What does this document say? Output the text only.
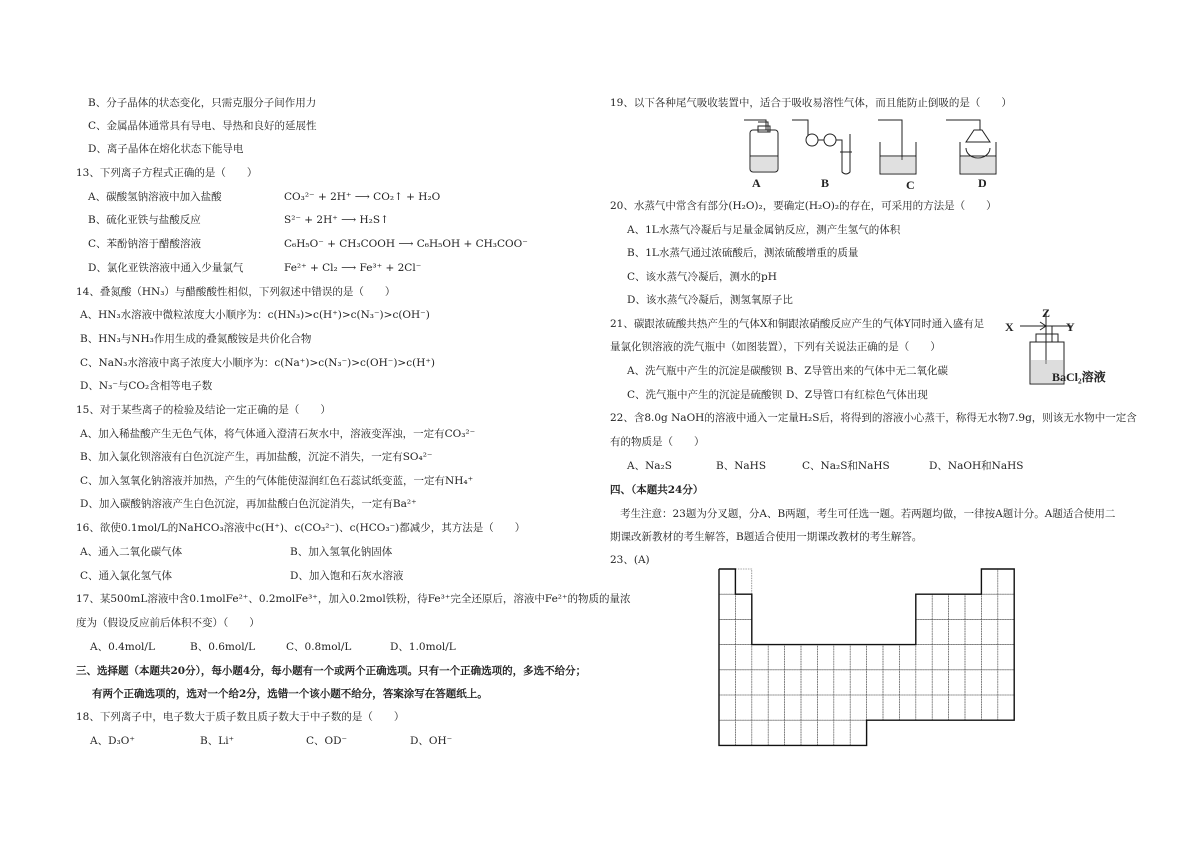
B、分子晶体的状态变化，只需克服分子间作用力
C、金属晶体通常具有导电、导热和良好的延展性
D、离子晶体在熔化状态下能导电
13、下列离子方程式正确的是（　　）
A、碳酸氢钠溶液中加入盐酸	CO₃²⁻ + 2H⁺ ⟶ CO₂↑ + H₂O
B、硫化亚铁与盐酸反应	S²⁻ + 2H⁺ ⟶ H₂S↑
C、苯酚钠溶于醋酸溶液	C₆H₅O⁻ + CH₃COOH ⟶ C₆H₅OH + CH₃COO⁻
D、氯化亚铁溶液中通入少量氯气	Fe²⁺ + Cl₂ ⟶ Fe³⁺ + 2Cl⁻
14、叠氮酸（HN₃）与醋酸酸性相似，下列叙述中错误的是（　　）
A、HN₃水溶液中微粒浓度大小顺序为：c(HN₃)>c(H⁺)>c(N₃⁻)>c(OH⁻)
B、HN₃与NH₃作用生成的叠氮酸铵是共价化合物
C、NaN₃水溶液中离子浓度大小顺序为：c(Na⁺)>c(N₃⁻)>c(OH⁻)>c(H⁺)
D、N₃⁻与CO₂含相等电子数
15、对于某些离子的检验及结论一定正确的是（　　）
A、加入稀盐酸产生无色气体，将气体通入澄清石灰水中，溶液变浑浊，一定有CO₃²⁻
B、加入氯化钡溶液有白色沉淀产生，再加盐酸，沉淀不消失，一定有SO₄²⁻
C、加入氢氧化钠溶液并加热，产生的气体能使湿润红色石蕊试纸变蓝，一定有NH₄⁺
D、加入碳酸钠溶液产生白色沉淀，再加盐酸白色沉淀消失，一定有Ba²⁺
16、欲使0.1mol/L的NaHCO₃溶液中c(H⁺)、c(CO₃²⁻)、c(HCO₃⁻)都减少，其方法是（　　）
A、通入二氧化碳气体	B、加入氢氧化钠固体
C、通入氯化氢气体	D、加入饱和石灰水溶液
17、某500mL溶液中含0.1molFe²⁺、0.2molFe³⁺，加入0.2mol铁粉，待Fe³⁺完全还原后，溶液中Fe²⁺的物质的量浓
度为（假设反应前后体积不变）（　　）
A、0.4mol/L	B、0.6mol/L	C、0.8mol/L	D、1.0mol/L
三、选择题（本题共20分），每小题4分，每小题有一个或两个正确选项。只有一个正确选项的，多选不给分；
有两个正确选项的，选对一个给2分，选错一个该小题不给分，答案涂写在答题纸上。
18、下列离子中，电子数大于质子数且质子数大于中子数的是（　　）
A、D₃O⁺	B、Li⁺	C、OD⁻	D、OH⁻
19、以下各种尾气吸收装置中，适合于吸收易溶性气体，而且能防止倒吸的是（　　）
A	B	C	D
20、水蒸气中常含有部分(H₂O)₂，要确定(H₂O)₂的存在，可采用的方法是（　　）
A、1L水蒸气冷凝后与足量金属钠反应，测产生氢气的体积
B、1L水蒸气通过浓硫酸后，测浓硫酸增重的质量
C、该水蒸气冷凝后，测水的pH
D、该水蒸气冷凝后，测氢氧原子比
21、碳跟浓硫酸共热产生的气体X和铜跟浓硝酸反应产生的气体Y同时通入盛有足
量氯化钡溶液的洗气瓶中（如图装置），下列有关说法正确的是（　　）
A、洗气瓶中产生的沉淀是碳酸钡 B、Z导管出来的气体中无二氧化碳
C、洗气瓶中产生的沉淀是硫酸钡 D、Z导管口有红棕色气体出现
Z
X	Y
BaCl₂溶液
22、含8.0g NaOH的溶液中通入一定量H₂S后，将得到的溶液小心蒸干，称得无水物7.9g，则该无水物中一定含
有的物质是（　　）
A、Na₂S	B、NaHS	C、Na₂S和NaHS	D、NaOH和NaHS
四、（本题共24分）
考生注意：23题为分叉题，分A、B两题，考生可任选一题。若两题均做，一律按A题计分。A题适合使用二
期课改新教材的考生解答，B题适合使用一期课改教材的考生解答。
23、(A)
